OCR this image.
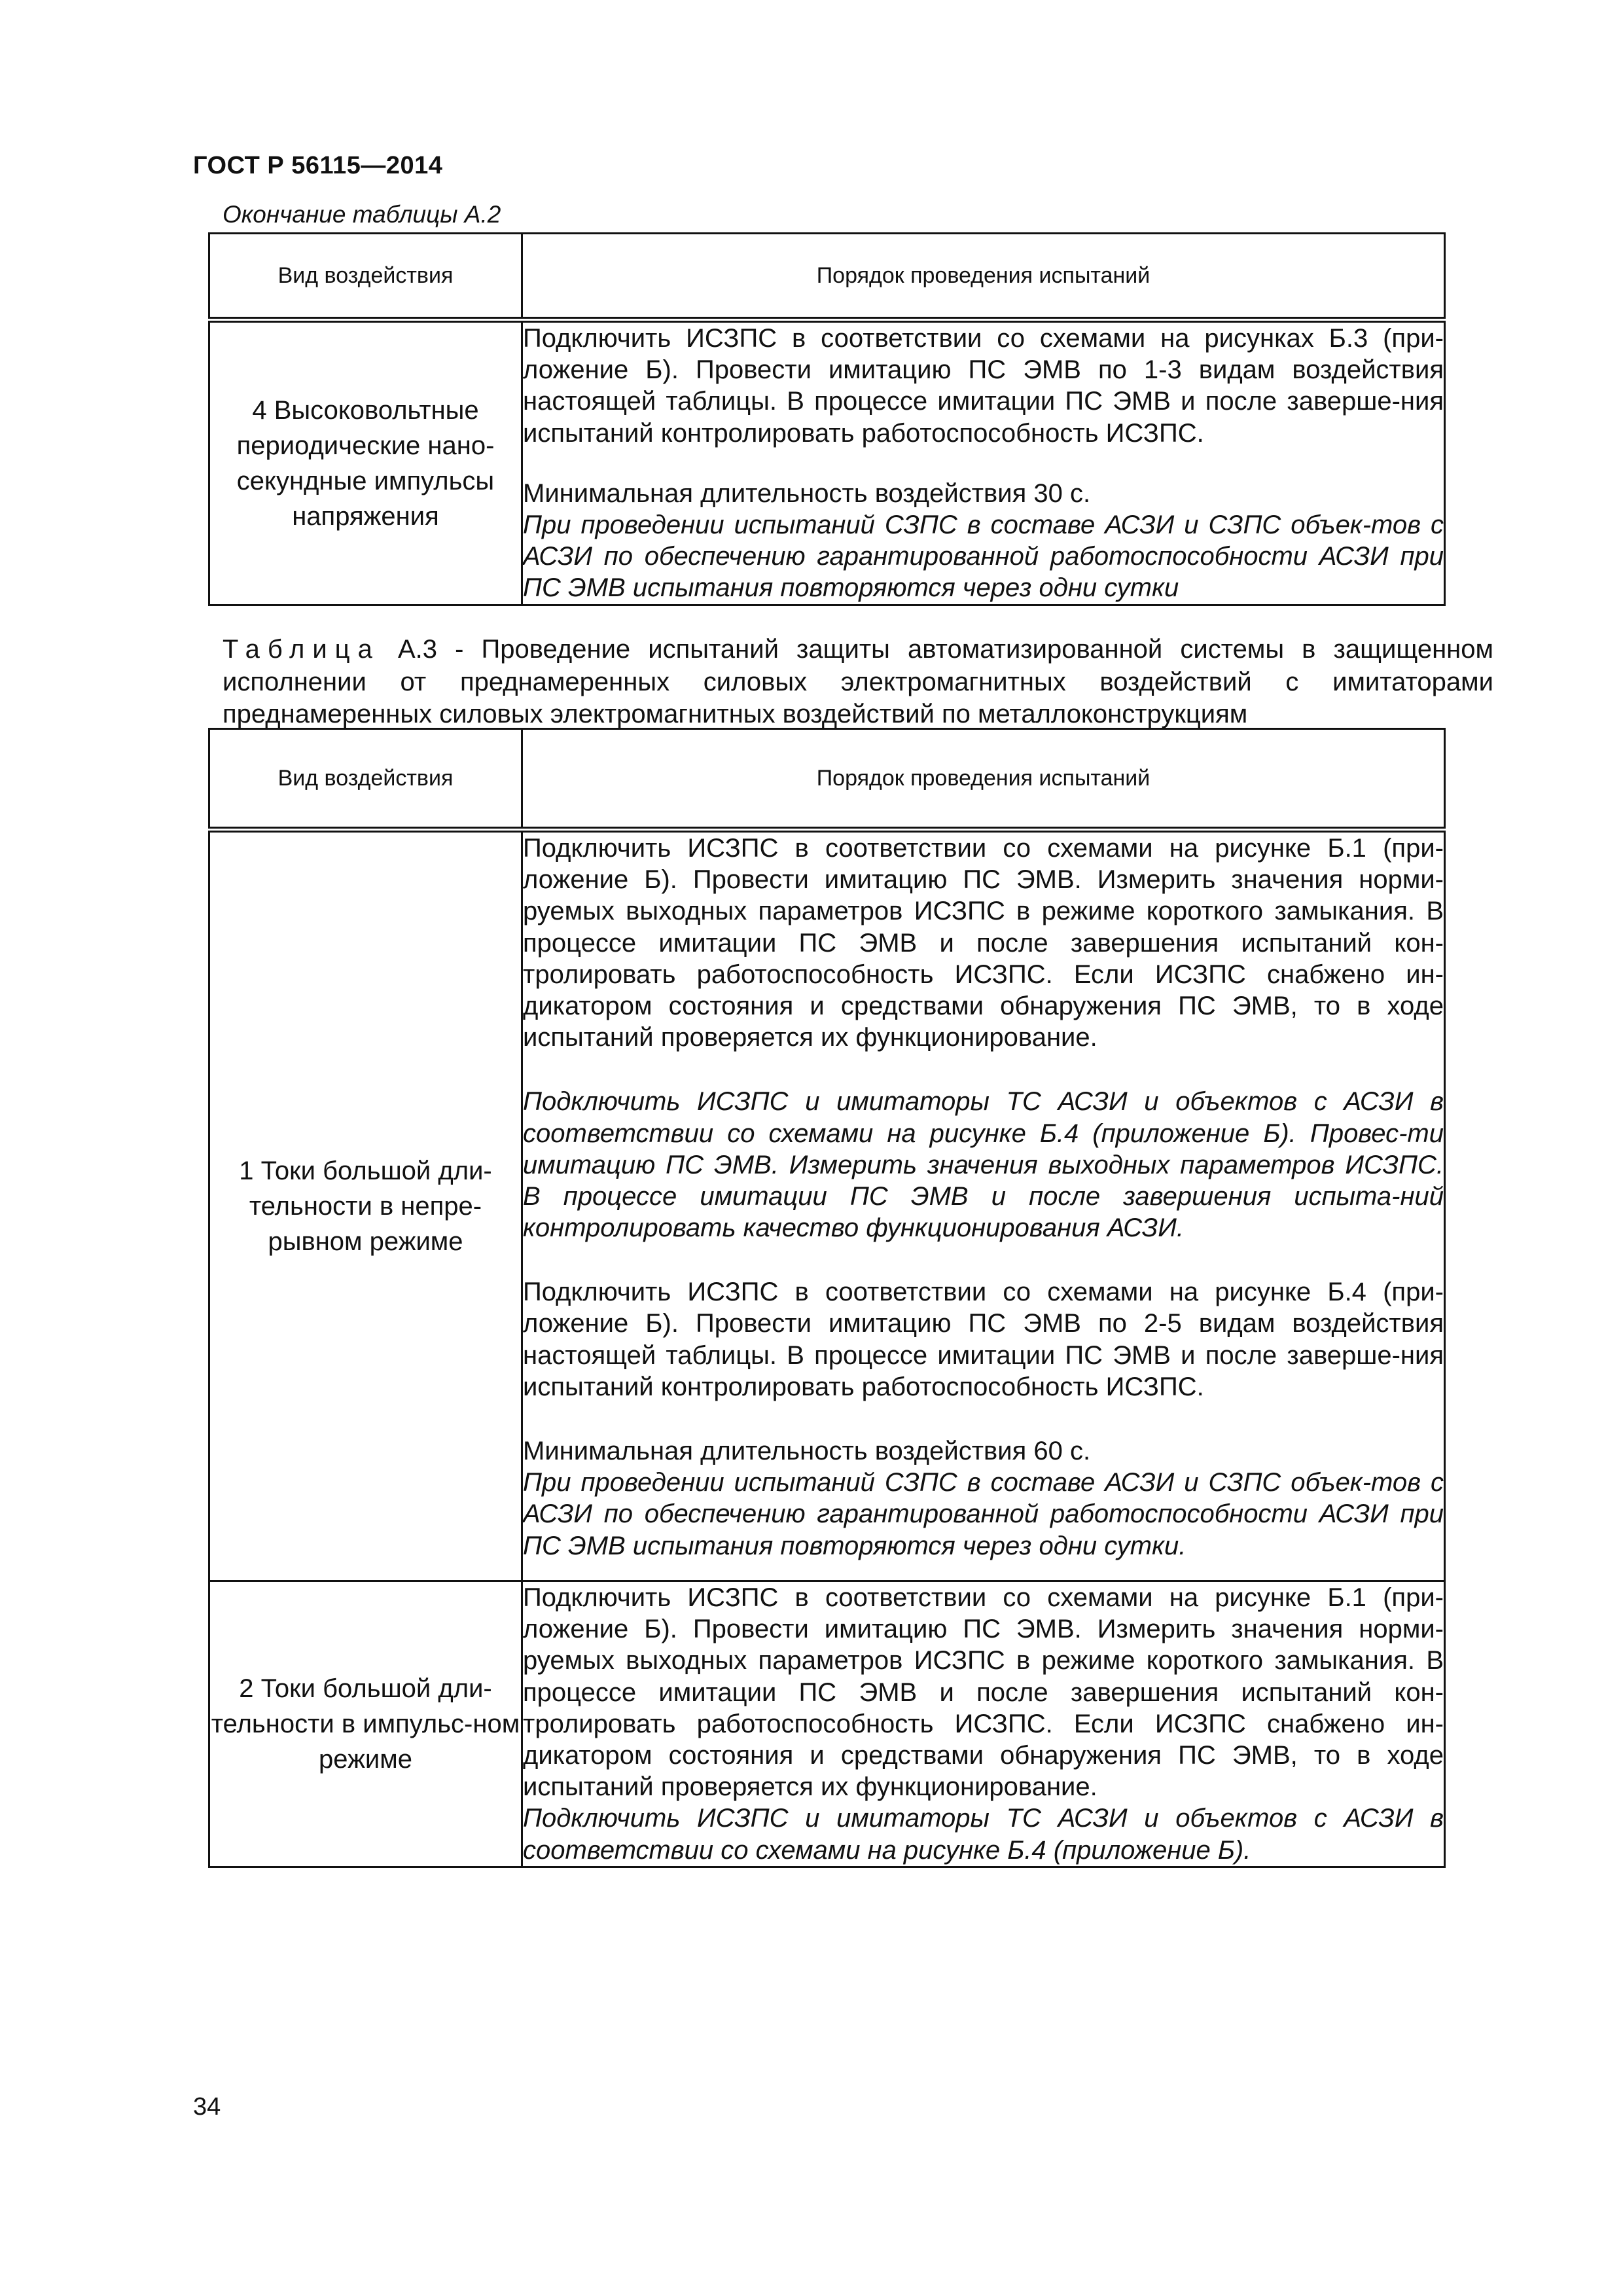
ГОСТ Р 56115—2014
Окончание таблицы А.2
Вид воздействия	Порядок проведения испытаний
4 Высоковольтные периодические нано-секундные импульсы напряжения	Подключить ИСЗПС в соответствии со схемами на рисунках Б.3 (при-ложение Б). Провести имитацию ПС ЭМВ по 1-3 видам воздействия настоящей таблицы. В процессе имитации ПС ЭМВ и после заверше-ния испытаний контролировать работоспособность ИСЗПС.

Минимальная длительность воздействия 30 с.

При проведении испытаний СЗПС в составе АСЗИ и СЗПС объек-тов с АСЗИ по обеспечению гарантированной работоспособности АСЗИ при ПС ЭМВ испытания повторяются через одни сутки

Таблица А.3 - Проведение испытаний защиты автоматизированной системы в защищенном исполнении от преднамеренных силовых электромагнитных воздействий с имитаторами преднамеренных силовых электромагнитных воздействий по металлоконструкциям
Вид воздействия	Порядок проведения испытаний
1 Токи большой дли-тельности в непре-рывном режиме	Подключить ИСЗПС в соответствии со схемами на рисунке Б.1 (при-ложение Б). Провести имитацию ПС ЭМВ. Измерить значения норми-руемых выходных параметров ИСЗПС в режиме короткого замыкания. В процессе имитации ПС ЭМВ и после завершения испытаний кон-тролировать работоспособность ИСЗПС. Если ИСЗПС снабжено ин-дикатором состояния и средствами обнаружения ПС ЭМВ, то в ходе испытаний проверяется их функционирование.

Подключить ИСЗПС и имитаторы ТС АСЗИ и объектов с АСЗИ в соответствии со схемами на рисунке Б.4 (приложение Б). Провес-ти имитацию ПС ЭМВ. Измерить значения выходных параметров ИСЗПС. В процессе имитации ПС ЭМВ и после завершения испыта-ний контролировать качество функционирования АСЗИ.

Подключить ИСЗПС в соответствии со схемами на рисунке Б.4 (при-ложение Б). Провести имитацию ПС ЭМВ по 2-5 видам воздействия настоящей таблицы. В процессе имитации ПС ЭМВ и после заверше-ния испытаний контролировать работоспособность ИСЗПС.

Минимальная длительность воздействия 60 с.

При проведении испытаний СЗПС в составе АСЗИ и СЗПС объек-тов с АСЗИ по обеспечению гарантированной работоспособности АСЗИ при ПС ЭМВ испытания повторяются через одни сутки.

2 Токи большой дли-тельности в импульс-ном режиме	Подключить ИСЗПС в соответствии со схемами на рисунке Б.1 (при-ложение Б). Провести имитацию ПС ЭМВ. Измерить значения норми-руемых выходных параметров ИСЗПС в режиме короткого замыкания. В процессе имитации ПС ЭМВ и после завершения испытаний кон-тролировать работоспособность ИСЗПС. Если ИСЗПС снабжено ин-дикатором состояния и средствами обнаружения ПС ЭМВ, то в ходе испытаний проверяется их функционирование.

Подключить ИСЗПС и имитаторы ТС АСЗИ и объектов с АСЗИ в соответствии со схемами на рисунке Б.4 (приложение Б).

34
